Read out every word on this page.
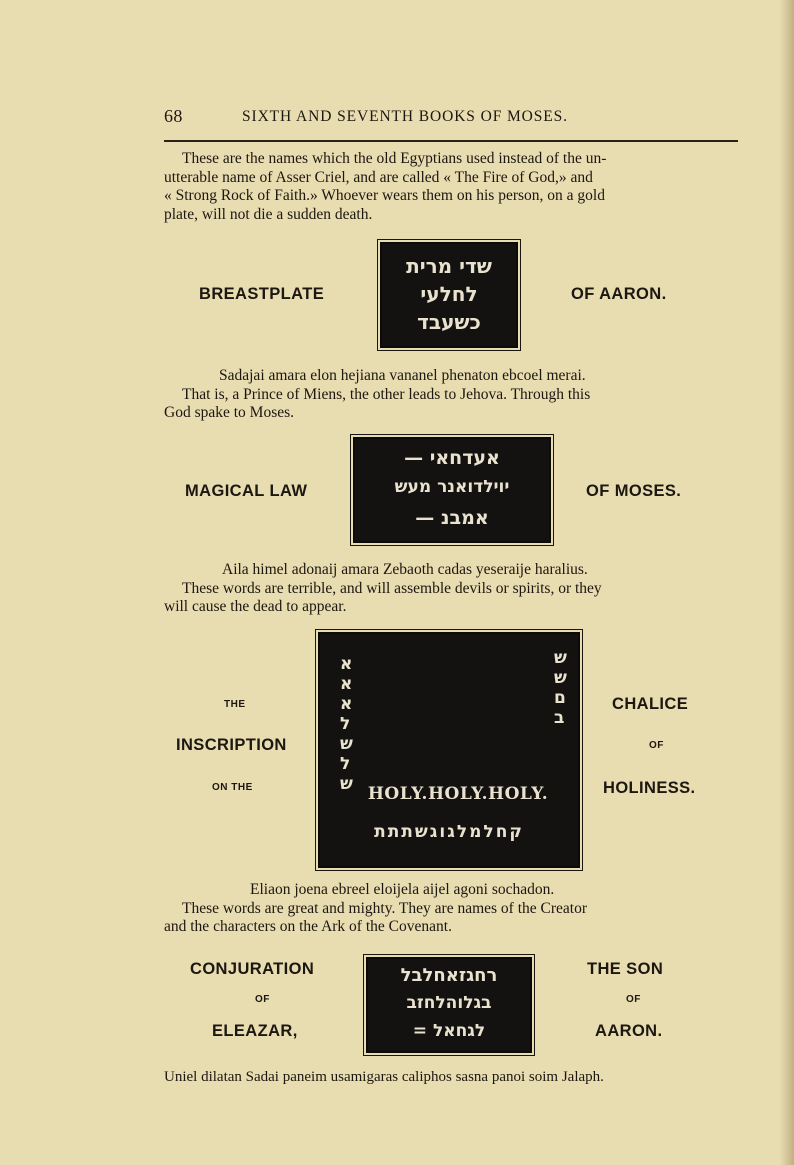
68	SIXTH AND SEVENTH BOOKS OF MOSES.

These are the names which the old Egyptians used instead of the un-
utterable name of Asser Criel, and are called « The Fire of God,» and
« Strong Rock of Faith.» Whoever wears them on his person, on a gold
plate, will not die a sudden death.

BREASTPLATE
שדי מרית
לחלעי
כשעבד
OF AARON.

Sadajai amara elon hejiana vananel phenaton ebcoel merai.
That is, a Prince of Miens, the other leads to Jehova. Through this
God spake to Moses.

MAGICAL LAW
אעדחאי —
יוילדואנר מעש
אמבנ —
OF MOSES.

Aila himel adonaij amara Zebaoth cadas yeseraije haralius.
These words are terrible, and will assemble devils or spirits, or they
will cause the dead to appear.

THE
INSCRIPTION
ON THE
א
א
א
ל
ש
ל
ש
ש
ש
ם
ב
HOLY.HOLY.HOLY.
קחלמלגוגשתתת
CHALICE
OF
HOLINESS.

Eliaon joena ebreel eloijela aijel agoni sochadon.
These words are great and mighty. They are names of the Creator
and the characters on the Ark of the Covenant.

CONJURATION
OF
ELEAZAR,
רחגזאחלבל
בגלוהלחזב
לגחאל =
THE SON
OF
AARON.

Uniel dilatan Sadai paneim usamigaras caliphos sasna panoi soim Jalaph.
